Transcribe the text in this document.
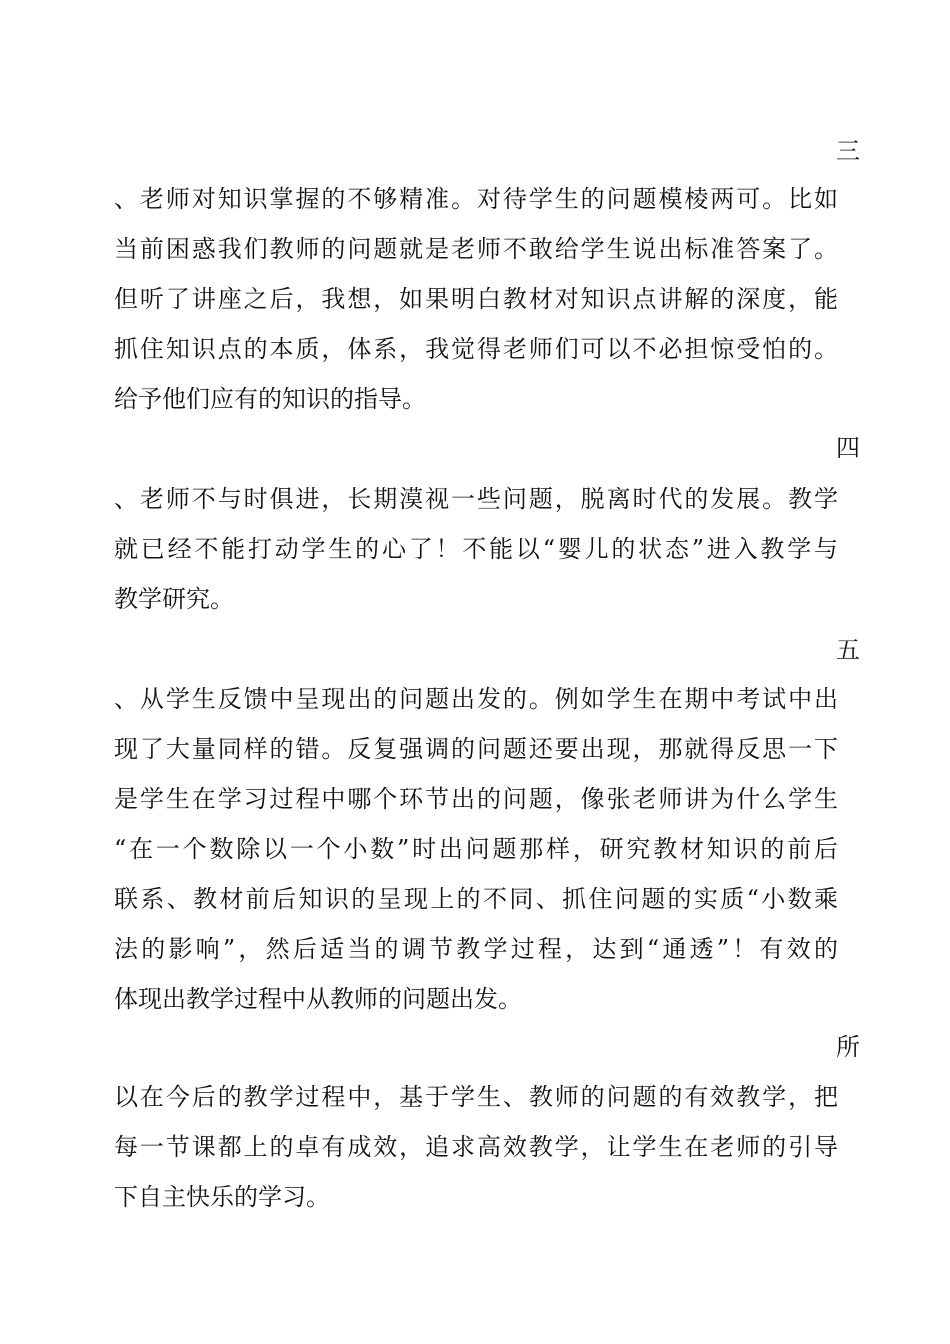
三
、老师对知识掌握的不够精准。对待学生的问题模棱两可。比如
当前困惑我们教师的问题就是老师不敢给学生说出标准答案了。
但听了讲座之后，我想，如果明白教材对知识点讲解的深度，能
抓住知识点的本质，体系，我觉得老师们可以不必担惊受怕的。
给予他们应有的知识的指导。
四
、老师不与时俱进，长期漠视一些问题，脱离时代的发展。教学
就已经不能打动学生的心了！不能以“婴儿的状态”进入教学与
教学研究。
五
、从学生反馈中呈现出的问题出发的。例如学生在期中考试中出
现了大量同样的错。反复强调的问题还要出现，那就得反思一下
是学生在学习过程中哪个环节出的问题，像张老师讲为什么学生
“在一个数除以一个小数”时出问题那样，研究教材知识的前后
联系、教材前后知识的呈现上的不同、抓住问题的实质“小数乘
法的影响”，然后适当的调节教学过程，达到“通透”！有效的
体现出教学过程中从教师的问题出发。
所
以在今后的教学过程中，基于学生、教师的问题的有效教学，把
每一节课都上的卓有成效，追求高效教学，让学生在老师的引导
下自主快乐的学习。
